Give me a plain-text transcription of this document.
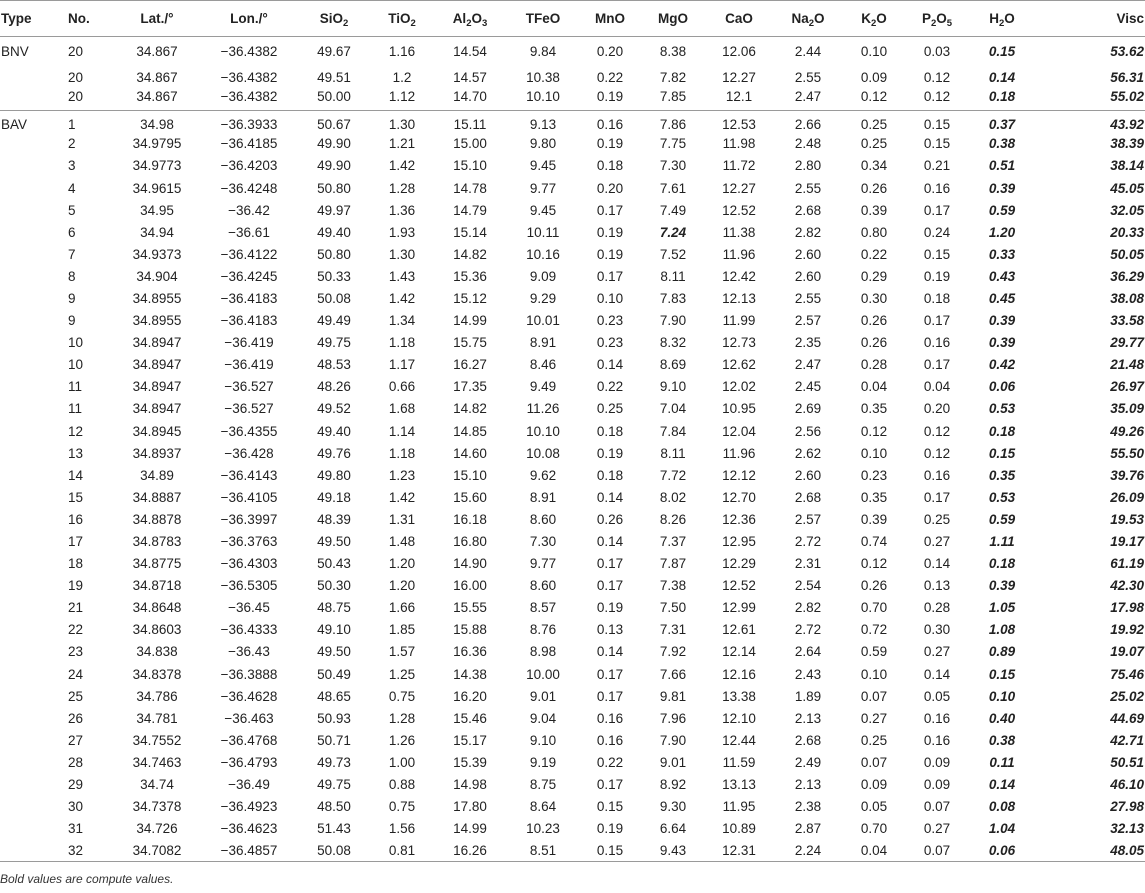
Type	No.	Lat./°	Lon./°	SiO$_2$	TiO$_2$	$Al_2O_3$	TFeO	MnO	MgO	CaO	$Na_2O$	$K_2O$	$P_2O_5$	$H_2O$	Visc
BNV	20	34.867	−36.4382	49.67	1.16	14.54	9.84	0.20	8.38	12.06	2.44	0.10	0.03	0.15	53.62
	20	34.867	−36.4382	49.51	1.2	14.57	10.38	0.22	7.82	12.27	2.55	0.09	0.12	0.14	56.31
	20	34.867	−36.4382	50.00	1.12	14.70	10.10	0.19	7.85	12.1	2.47	0.12	0.12	0.18	55.02
BAV	1	34.98	−36.3933	50.67	1.30	15.11	9.13	0.16	7.86	12.53	2.66	0.25	0.15	0.37	43.92
	2	34.9795	−36.4185	49.90	1.21	15.00	9.80	0.19	7.75	11.98	2.48	0.25	0.15	0.38	38.39
	3	34.9773	−36.4203	49.90	1.42	15.10	9.45	0.18	7.30	11.72	2.80	0.34	0.21	0.51	38.14
	4	34.9615	−36.4248	50.80	1.28	14.78	9.77	0.20	7.61	12.27	2.55	0.26	0.16	0.39	45.05
	5	34.95	−36.42	49.97	1.36	14.79	9.45	0.17	7.49	12.52	2.68	0.39	0.17	0.59	32.05
	6	34.94	−36.61	49.40	1.93	15.14	10.11	0.19	7.24	11.38	2.82	0.80	0.24	1.20	20.33
	7	34.9373	−36.4122	50.80	1.30	14.82	10.16	0.19	7.52	11.96	2.60	0.22	0.15	0.33	50.05
	8	34.904	−36.4245	50.33	1.43	15.36	9.09	0.17	8.11	12.42	2.60	0.29	0.19	0.43	36.29
	9	34.8955	−36.4183	50.08	1.42	15.12	9.29	0.10	7.83	12.13	2.55	0.30	0.18	0.45	38.08
	9	34.8955	−36.4183	49.49	1.34	14.99	10.01	0.23	7.90	11.99	2.57	0.26	0.17	0.39	33.58
	10	34.8947	−36.419	49.75	1.18	15.75	8.91	0.23	8.32	12.73	2.35	0.26	0.16	0.39	29.77
	10	34.8947	−36.419	48.53	1.17	16.27	8.46	0.14	8.69	12.62	2.47	0.28	0.17	0.42	21.48
	11	34.8947	−36.527	48.26	0.66	17.35	9.49	0.22	9.10	12.02	2.45	0.04	0.04	0.06	26.97
	11	34.8947	−36.527	49.52	1.68	14.82	11.26	0.25	7.04	10.95	2.69	0.35	0.20	0.53	35.09
	12	34.8945	−36.4355	49.40	1.14	14.85	10.10	0.18	7.84	12.04	2.56	0.12	0.12	0.18	49.26
	13	34.8937	−36.428	49.76	1.18	14.60	10.08	0.19	8.11	11.96	2.62	0.10	0.12	0.15	55.50
	14	34.89	−36.4143	49.80	1.23	15.10	9.62	0.18	7.72	12.12	2.60	0.23	0.16	0.35	39.76
	15	34.8887	−36.4105	49.18	1.42	15.60	8.91	0.14	8.02	12.70	2.68	0.35	0.17	0.53	26.09
	16	34.8878	−36.3997	48.39	1.31	16.18	8.60	0.26	8.26	12.36	2.57	0.39	0.25	0.59	19.53
	17	34.8783	−36.3763	49.50	1.48	16.80	7.30	0.14	7.37	12.95	2.72	0.74	0.27	1.11	19.17
	18	34.8775	−36.4303	50.43	1.20	14.90	9.77	0.17	7.87	12.29	2.31	0.12	0.14	0.18	61.19
	19	34.8718	−36.5305	50.30	1.20	16.00	8.60	0.17	7.38	12.52	2.54	0.26	0.13	0.39	42.30
	21	34.8648	−36.45	48.75	1.66	15.55	8.57	0.19	7.50	12.99	2.82	0.70	0.28	1.05	17.98
	22	34.8603	−36.4333	49.10	1.85	15.88	8.76	0.13	7.31	12.61	2.72	0.72	0.30	1.08	19.92
	23	34.838	−36.43	49.50	1.57	16.36	8.98	0.14	7.92	12.14	2.64	0.59	0.27	0.89	19.07
	24	34.8378	−36.3888	50.49	1.25	14.38	10.00	0.17	7.66	12.16	2.43	0.10	0.14	0.15	75.46
	25	34.786	−36.4628	48.65	0.75	16.20	9.01	0.17	9.81	13.38	1.89	0.07	0.05	0.10	25.02
	26	34.781	−36.463	50.93	1.28	15.46	9.04	0.16	7.96	12.10	2.13	0.27	0.16	0.40	44.69
	27	34.7552	−36.4768	50.71	1.26	15.17	9.10	0.16	7.90	12.44	2.68	0.25	0.16	0.38	42.71
	28	34.7463	−36.4793	49.73	1.00	15.39	9.19	0.22	9.01	11.59	2.49	0.07	0.09	0.11	50.51
	29	34.74	−36.49	49.75	0.88	14.98	8.75	0.17	8.92	13.13	2.13	0.09	0.09	0.14	46.10
	30	34.7378	−36.4923	48.50	0.75	17.80	8.64	0.15	9.30	11.95	2.38	0.05	0.07	0.08	27.98
	31	34.726	−36.4623	51.43	1.56	14.99	10.23	0.19	6.64	10.89	2.87	0.70	0.27	1.04	32.13
	32	34.7082	−36.4857	50.08	0.81	16.26	8.51	0.15	9.43	12.31	2.24	0.04	0.07	0.06	48.05
Bold values are compute values.
